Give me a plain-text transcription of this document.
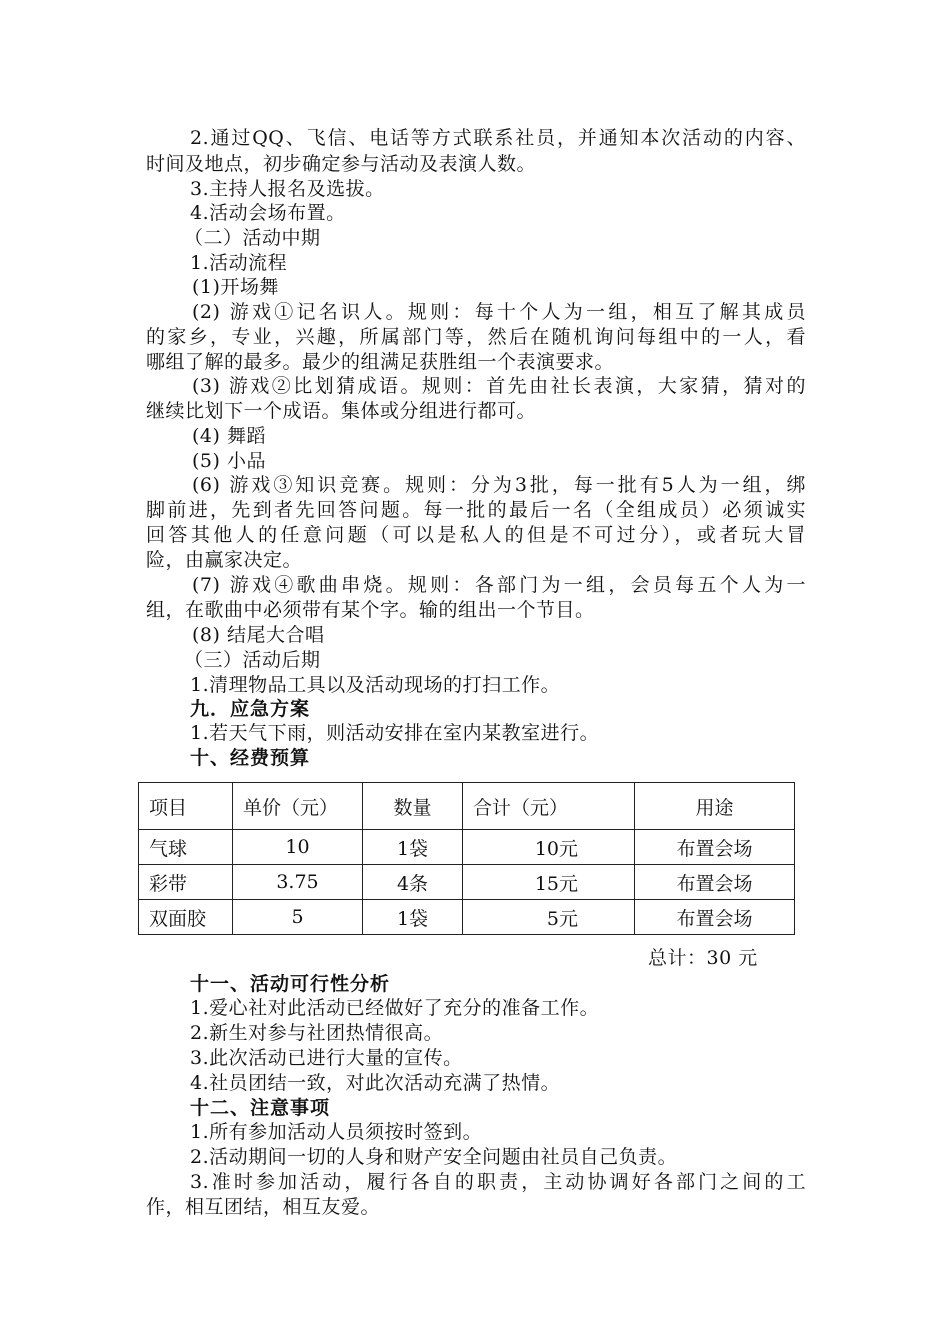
2.通过QQ、飞信、电话等方式联系社员，并通知本次活动的内容、
时间及地点，初步确定参与活动及表演人数。
3.主持人报名及选拔。
4.活动会场布置。
（二）活动中期
1.活动流程
(1)开场舞
(2) 游戏①记名识人。规则：每十个人为一组，相互了解其成员
的家乡，专业，兴趣，所属部门等，然后在随机询问每组中的一人，看
哪组了解的最多。最少的组满足获胜组一个表演要求。
(3) 游戏②比划猜成语。规则：首先由社长表演，大家猜，猜对的
继续比划下一个成语。集体或分组进行都可。
(4) 舞蹈
(5) 小品
(6) 游戏③知识竞赛。规则：分为3批，每一批有5人为一组，绑
脚前进，先到者先回答问题。每一批的最后一名（全组成员）必须诚实
回答其他人的任意问题（可以是私人的但是不可过分），或者玩大冒
险，由赢家决定。
(7) 游戏④歌曲串烧。规则：各部门为一组，会员每五个人为一
组，在歌曲中必须带有某个字。输的组出一个节目。
(8) 结尾大合唱
（三）活动后期
1.清理物品工具以及活动现场的打扫工作。
九．应急方案
1.若天气下雨，则活动安排在室内某教室进行。
十、经费预算
项目	单价（元）	数量	合计（元）	用途
气球	10	1袋	10元	布置会场
彩带	3.75	4条	15元	布置会场
双面胶	5	1袋	5元	布置会场
总计：30 元
十一、活动可行性分析
1.爱心社对此活动已经做好了充分的准备工作。
2.新生对参与社团热情很高。
3.此次活动已进行大量的宣传。
4.社员团结一致，对此次活动充满了热情。
十二、注意事项
1.所有参加活动人员须按时签到。
2.活动期间一切的人身和财产安全问题由社员自己负责。
3.准时参加活动，履行各自的职责，主动协调好各部门之间的工
作，相互团结，相互友爱。
